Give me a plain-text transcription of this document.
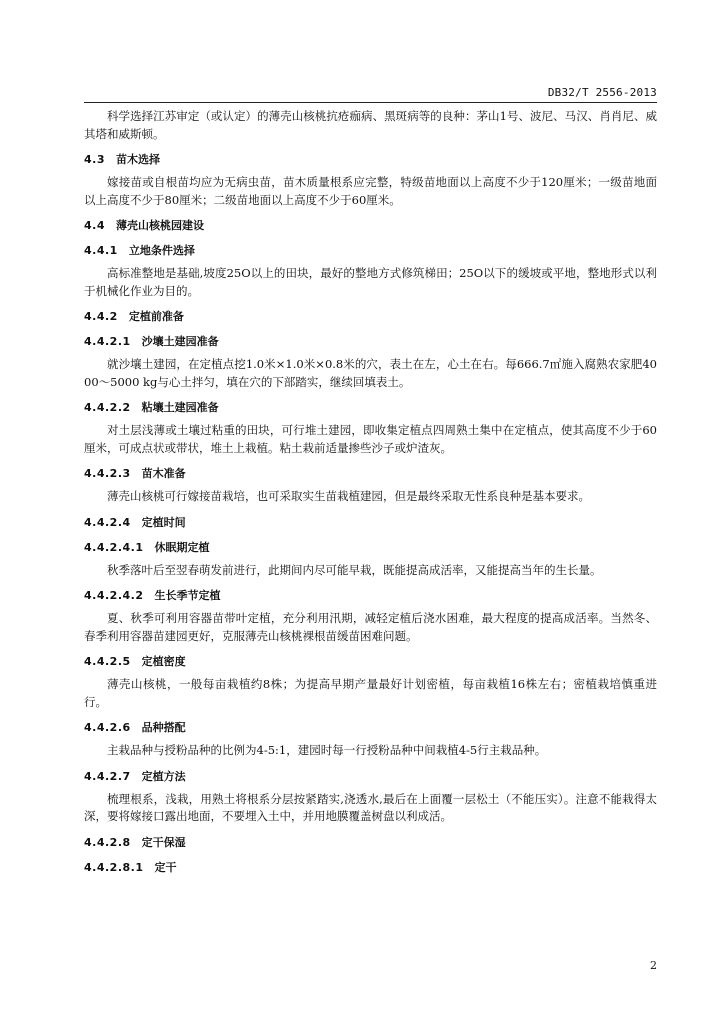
DB32/T 2556-2013

科学选择江苏审定（或认定）的薄壳山核桃抗疮痂病、黑斑病等的良种：茅山1号、波尼、马汉、肖肖尼、威其塔和威斯顿。

4.3 苗木选择

嫁接苗或自根苗均应为无病虫苗，苗木质量根系应完整，特级苗地面以上高度不少于120厘米；一级苗地面以上高度不少于80厘米；二级苗地面以上高度不少于60厘米。

4.4 薄壳山核桃园建设
4.4.1 立地条件选择

高标准整地是基础,坡度25O以上的田块，最好的整地方式修筑梯田；25O以下的缓坡或平地，整地形式以利于机械化作业为目的。

4.4.2 定植前准备
4.4.2.1 沙壤土建园准备

就沙壤土建园，在定植点挖1.0米×1.0米×0.8米的穴，表土在左，心土在右。每666.7㎡施入腐熟农家肥4000～5000 kg与心土拌匀，填在穴的下部踏实，继续回填表土。

4.4.2.2 粘壤土建园准备

对土层浅薄或土壤过粘重的田块，可行堆土建园，即收集定植点四周熟土集中在定植点，使其高度不少于60厘米，可成点状或带状，堆土上栽植。粘土栽前适量掺些沙子或炉渣灰。

4.4.2.3 苗木准备

薄壳山核桃可行嫁接苗栽培，也可采取实生苗栽植建园，但是最终采取无性系良种是基本要求。

4.4.2.4 定植时间
4.4.2.4.1 休眠期定植

秋季落叶后至翌春萌发前进行，此期间内尽可能早栽，既能提高成活率，又能提高当年的生长量。

4.4.2.4.2 生长季节定植

夏、秋季可利用容器苗带叶定植，充分利用汛期，减轻定植后浇水困难，最大程度的提高成活率。当然冬、春季利用容器苗建园更好，克服薄壳山核桃裸根苗缓苗困难问题。

4.4.2.5 定植密度

薄壳山核桃，一般每亩栽植约8株；为提高早期产量最好计划密植，每亩栽植16株左右；密植栽培慎重进行。

4.4.2.6 品种搭配

主栽品种与授粉品种的比例为4-5:1，建园时每一行授粉品种中间栽植4-5行主栽品种。

4.4.2.7 定植方法

梳理根系，浅栽，用熟土将根系分层按紧踏实,浇透水,最后在上面覆一层松土（不能压实）。注意不能栽得太深，要将嫁接口露出地面，不要埋入土中，并用地膜覆盖树盘以利成活。

4.4.2.8 定干保湿
4.4.2.8.1 定干
2
